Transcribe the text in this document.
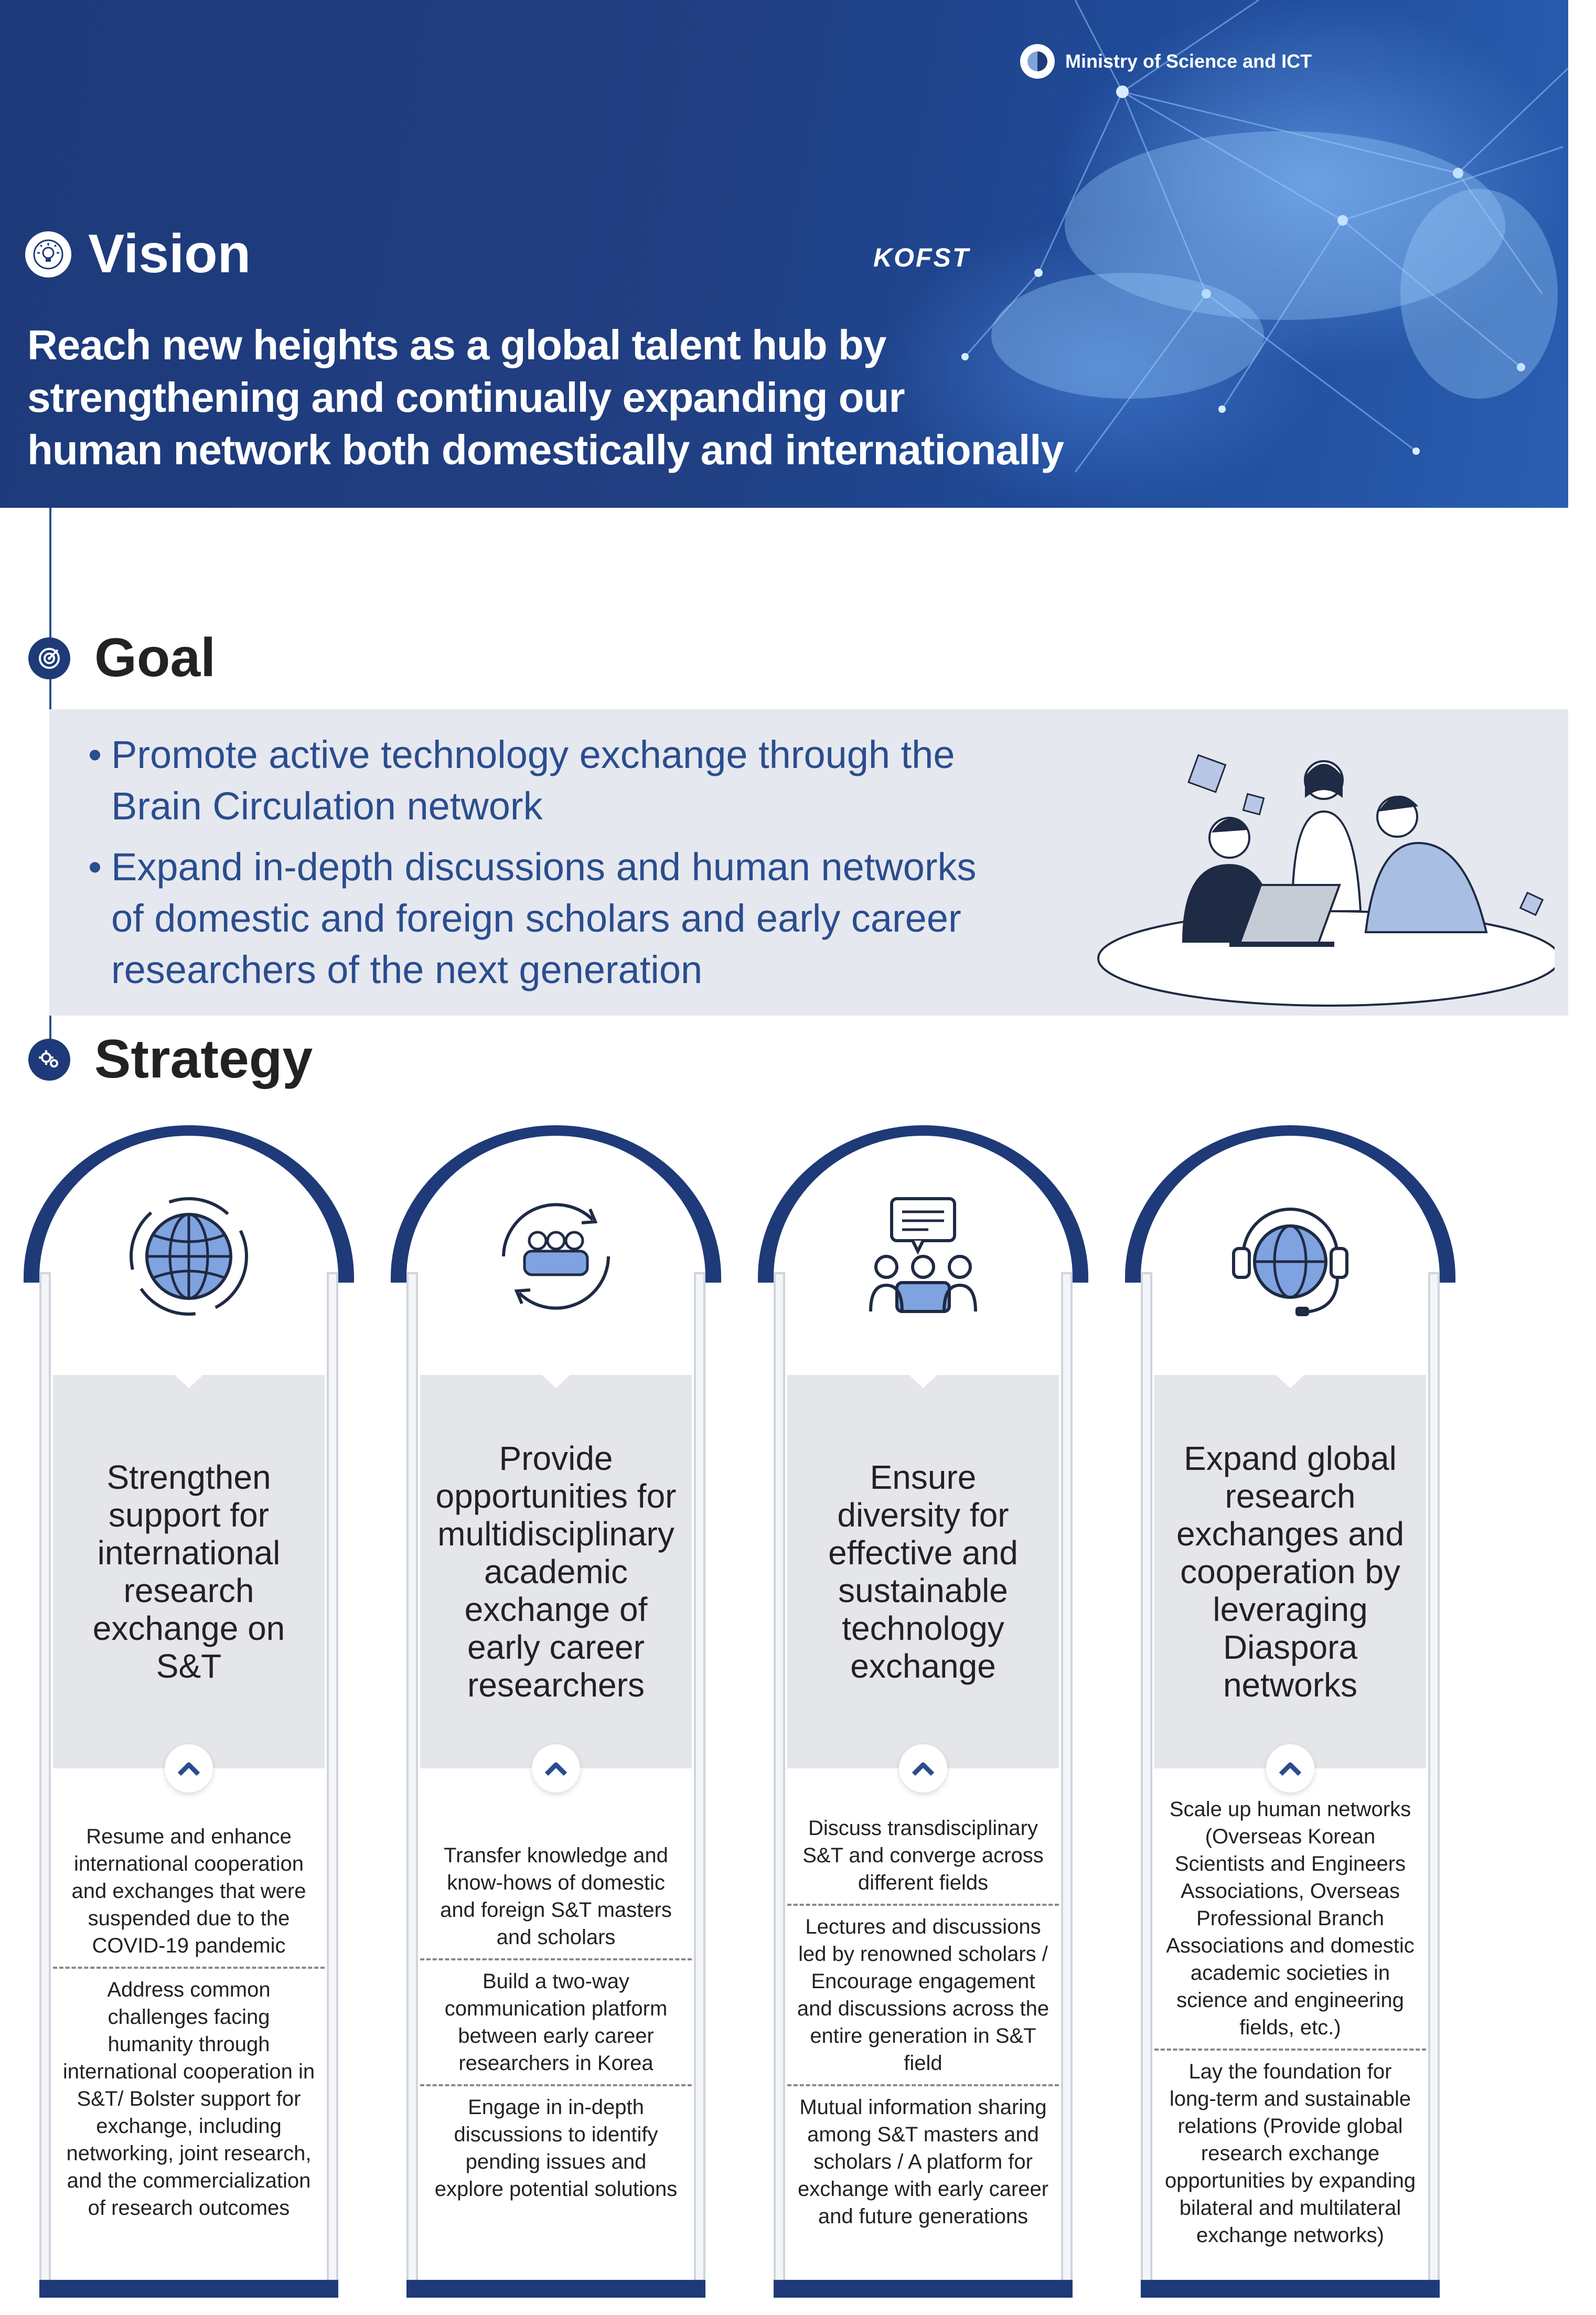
Ministry of Science and ICT
KOFST
Vision
Reach new heights as a global talent hub by
strengthening and continually expanding our
human network both domestically and internationally
Goal
• Promote active technology exchange through the
Brain Circulation network
• Expand in-depth discussions and human networks
of domestic and foreign scholars and early career
researchers of the next generation
Strategy
Strengthen
support for
international
research
exchange on
S&T
Resume and enhance international cooperation and exchanges that were suspended due to the COVID-19 pandemic
Address common challenges facing humanity through international cooperation in S&T/ Bolster support for exchange, including networking, joint research, and the commercialization of research outcomes
Provide
opportunities for
multidisciplinary
academic
exchange of
early career
researchers
Transfer knowledge and know-hows of domestic and foreign S&T masters and scholars
Build a two-way communication platform between early career researchers in Korea
Engage in in-depth discussions to identify pending issues and explore potential solutions
Ensure
diversity for
effective and
sustainable
technology
exchange
Discuss transdisciplinary S&T and converge across different fields
Lectures and discussions led by renowned scholars / Encourage engagement and discussions across the entire generation in S&T field
Mutual information sharing among S&T masters and scholars / A platform for exchange with early career and future generations
Expand global
research
exchanges and
cooperation by
leveraging
Diaspora
networks
Scale up human networks (Overseas Korean Scientists and Engineers Associations, Overseas Professional Branch Associations and domestic academic societies in science and engineering fields, etc.)
Lay the foundation for long-term and sustainable relations (Provide global research exchange opportunities by expanding bilateral and multilateral exchange networks)
